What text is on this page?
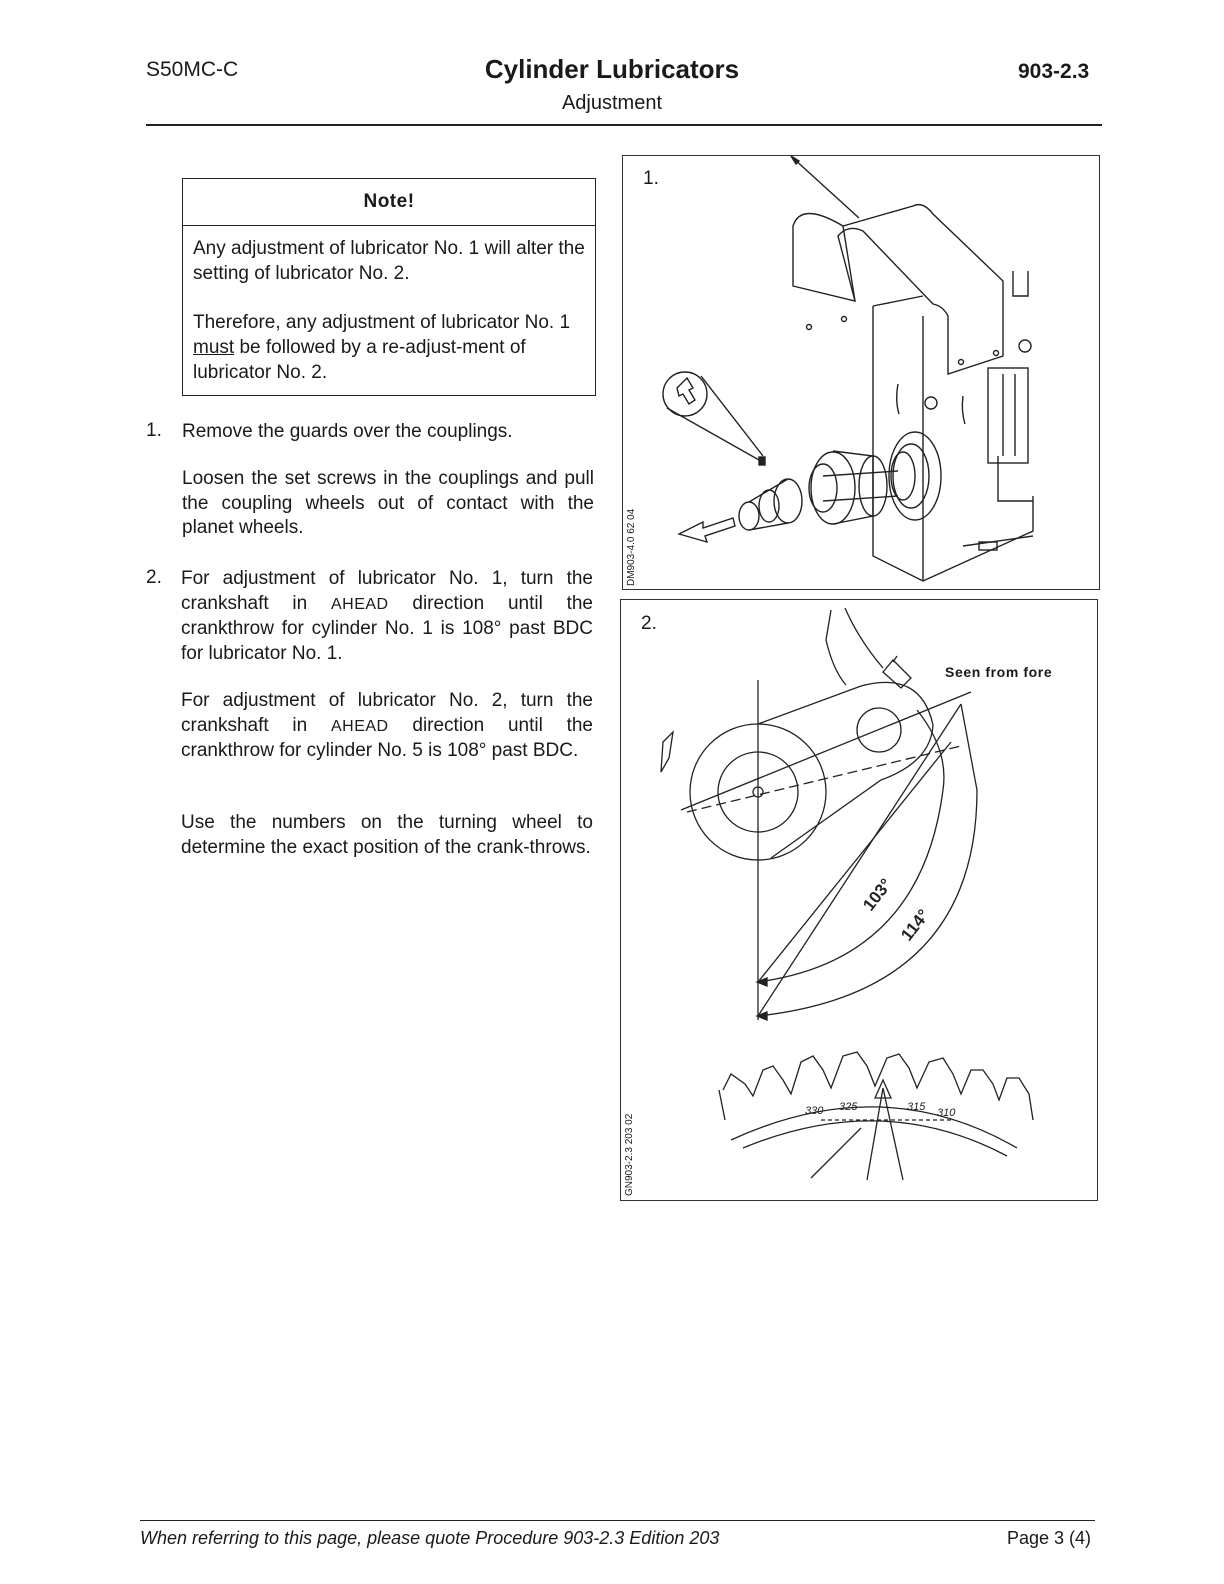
S50MC-C	Cylinder Lubricators
Adjustment
903-2.3
Note!

Any adjustment of lubricator No. 1 will alter the setting of lubricator No. 2.

Therefore, any adjustment of lubricator No. 1 must be followed by a re-adjust-ment of lubricator No. 2.

1. Remove the guards over the couplings.
Loosen the set screws in the couplings and pull the coupling wheels out of contact with the planet wheels.
2. For adjustment of lubricator No. 1, turn the crankshaft in AHEAD direction until the crankthrow for cylinder No. 1 is 108° past BDC for lubricator No. 1.
For adjustment of lubricator No. 2, turn the crankshaft in AHEAD direction until the crankthrow for cylinder No. 5 is 108° past BDC.
Use the numbers on the turning wheel to determine the exact position of the crank-throws.
1.
DM903-4.0 62 04
2.
Seen from fore
GN903-2.3 203 02
103°
114°
330 325	315 310
When referring to this page, please quote Procedure 903-2.3 Edition 203	Page 3 (4)
